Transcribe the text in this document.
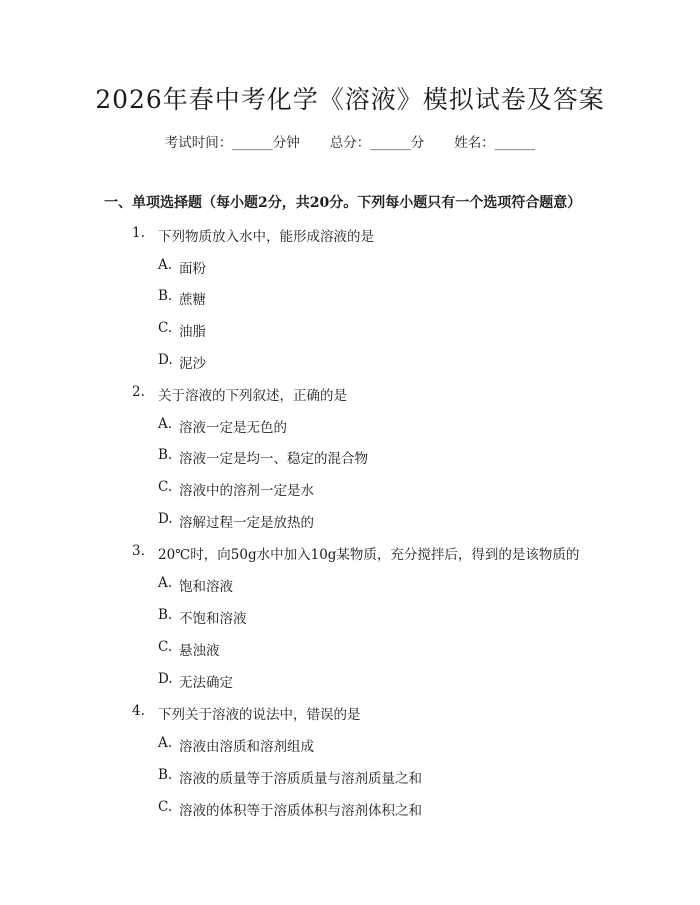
2026年春中考化学《溶液》模拟试卷及答案
考试时间：______分钟 总分：______分 姓名：______
一、单项选择题（每小题2分，共20分。下列每小题只有一个选项符合题意）
1. 下列物质放入水中，能形成溶液的是
A. 面粉
B. 蔗糖
C. 油脂
D. 泥沙
2. 关于溶液的下列叙述，正确的是
A. 溶液一定是无色的
B. 溶液一定是均一、稳定的混合物
C. 溶液中的溶剂一定是水
D. 溶解过程一定是放热的
3. 20℃时，向50g水中加入10g某物质，充分搅拌后，得到的是该物质的
A. 饱和溶液
B. 不饱和溶液
C. 悬浊液
D. 无法确定
4. 下列关于溶液的说法中，错误的是
A. 溶液由溶质和溶剂组成
B. 溶液的质量等于溶质质量与溶剂质量之和
C. 溶液的体积等于溶质体积与溶剂体积之和
